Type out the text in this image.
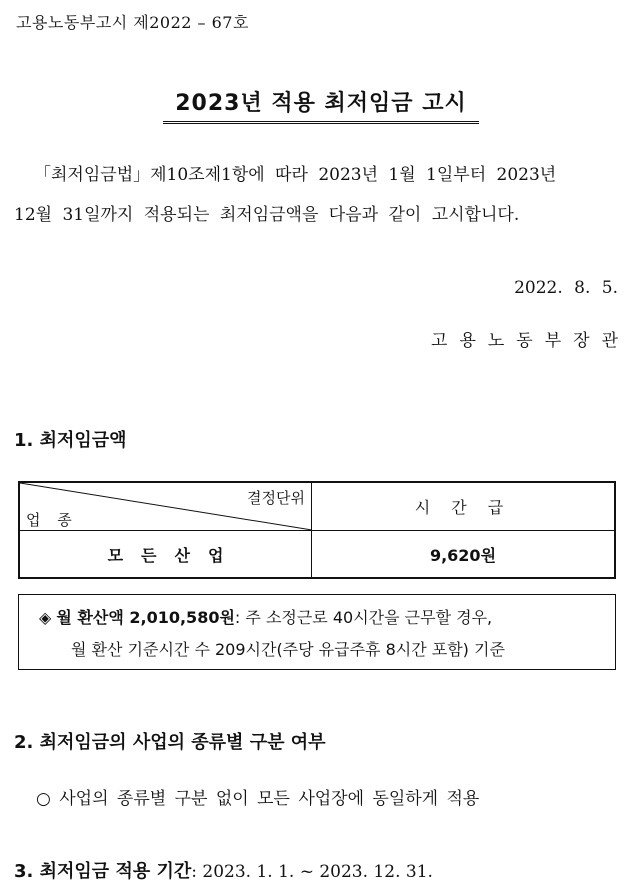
고용노동부고시 제2022 – 67호
2023년 적용 최저임금 고시
「최저임금법」제10조제1항에 따라 2023년 1월 1일부터 2023년
12월 31일까지 적용되는 최저임금액을 다음과 같이 고시합니다.
2022. 8. 5.
고용노동부장관
1. 최저임금액
결정단위
업 종
시 간 급
모든산업	9,620원
◈ 월 환산액 2,010,580원: 주 소정근로 40시간을 근무할 경우,
월 환산 기준시간 수 209시간(주당 유급주휴 8시간 포함) 기준
2. 최저임금의 사업의 종류별 구분 여부
○ 사업의 종류별 구분 없이 모든 사업장에 동일하게 적용
3. 최저임금 적용 기간: 2023. 1. 1. ~ 2023. 12. 31.
